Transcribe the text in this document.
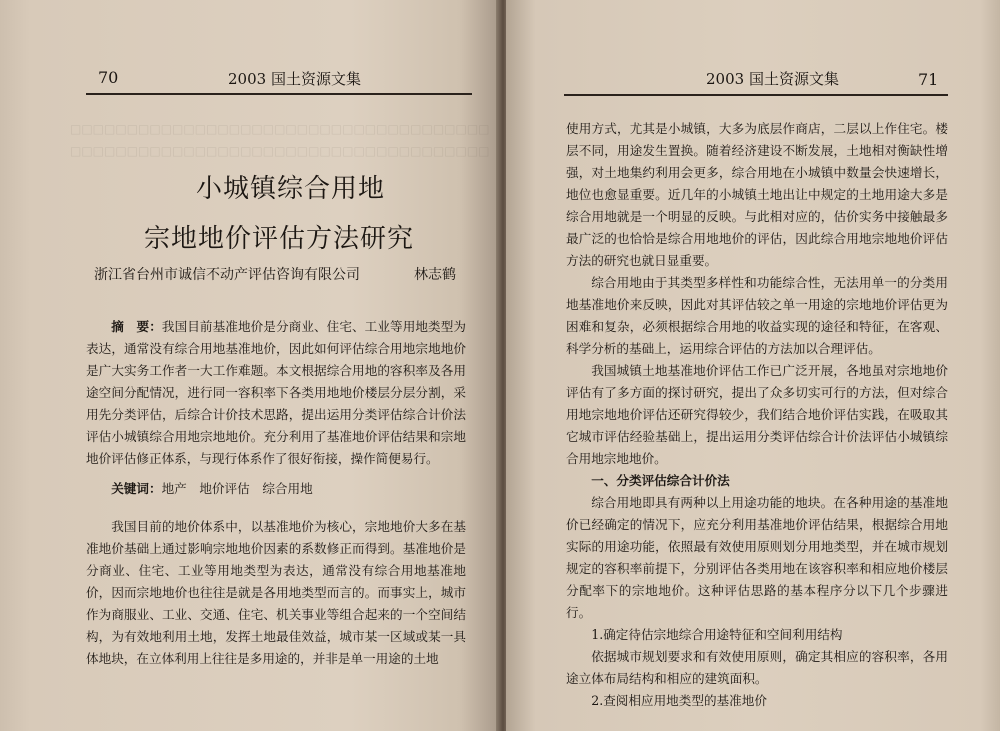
□□□□□□□□□□□□□□□□□□□□□□□□□□□□□□□□□□□□□
□□□□□□□□□□□□□□□□□□□□□□□□□□□□□□□□□□□□□
70	2003 国土资源文集
小城镇综合用地
宗地地价评估方法研究
浙江省台州市诚信不动产评估咨询有限公司	林志鹤

摘　要：我国目前基准地价是分商业、住宅、工业等用地类型为表达，通常没有综合用地基准地价，因此如何评估综合用地宗地地价是广大实务工作者一大工作难题。本文根据综合用地的容积率及各用途空间分配情况，进行同一容积率下各类用地地价楼层分层分割，采用先分类评估，后综合计价技术思路，提出运用分类评估综合计价法评估小城镇综合用地宗地地价。充分利用了基准地价评估结果和宗地地价评估修正体系，与现行体系作了很好衔接，操作简便易行。

关键词：地产　地价评估　综合用地

我国目前的地价体系中，以基准地价为核心，宗地地价大多在基准地价基础上通过影响宗地地价因素的系数修正而得到。基准地价是分商业、住宅、工业等用地类型为表达，通常没有综合用地基准地价，因而宗地地价也往往是就是各用地类型而言的。而事实上，城市作为商服业、工业、交通、住宅、机关事业等组合起来的一个空间结构，为有效地利用土地，发挥土地最佳效益，城市某一区域或某一具体地块，在立体利用上往往是多用途的，并非是单一用途的土地

2003 国土资源文集	71

使用方式，尤其是小城镇，大多为底层作商店，二层以上作住宅。楼层不同，用途发生置换。随着经济建设不断发展，土地相对衡缺性增强，对土地集约利用会更多，综合用地在小城镇中数量会快速增长，地位也愈显重要。近几年的小城镇土地出让中规定的土地用途大多是综合用地就是一个明显的反映。与此相对应的，估价实务中接触最多最广泛的也恰恰是综合用地地价的评估，因此综合用地宗地地价评估方法的研究也就日显重要。

综合用地由于其类型多样性和功能综合性，无法用单一的分类用地基准地价来反映，因此对其评估较之单一用途的宗地地价评估更为困难和复杂，必须根据综合用地的收益实现的途径和特征，在客观、科学分析的基础上，运用综合评估的方法加以合理评估。

我国城镇土地基准地价评估工作已广泛开展，各地虽对宗地地价评估有了多方面的探讨研究，提出了众多切实可行的方法，但对综合用地宗地地价评估还研究得较少，我们结合地价评估实践，在吸取其它城市评估经验基础上，提出运用分类评估综合计价法评估小城镇综合用地宗地地价。

一、分类评估综合计价法

综合用地即具有两种以上用途功能的地块。在各种用途的基准地价已经确定的情况下，应充分利用基准地价评估结果，根据综合用地实际的用途功能，依照最有效使用原则划分用地类型，并在城市规划规定的容积率前提下，分别评估各类用地在该容积率和相应地价楼层分配率下的宗地地价。这种评估思路的基本程序分以下几个步骤进行。

1.确定待估宗地综合用途特征和空间利用结构

依据城市规划要求和有效使用原则，确定其相应的容积率，各用途立体布局结构和相应的建筑面积。

2.查阅相应用地类型的基准地价
